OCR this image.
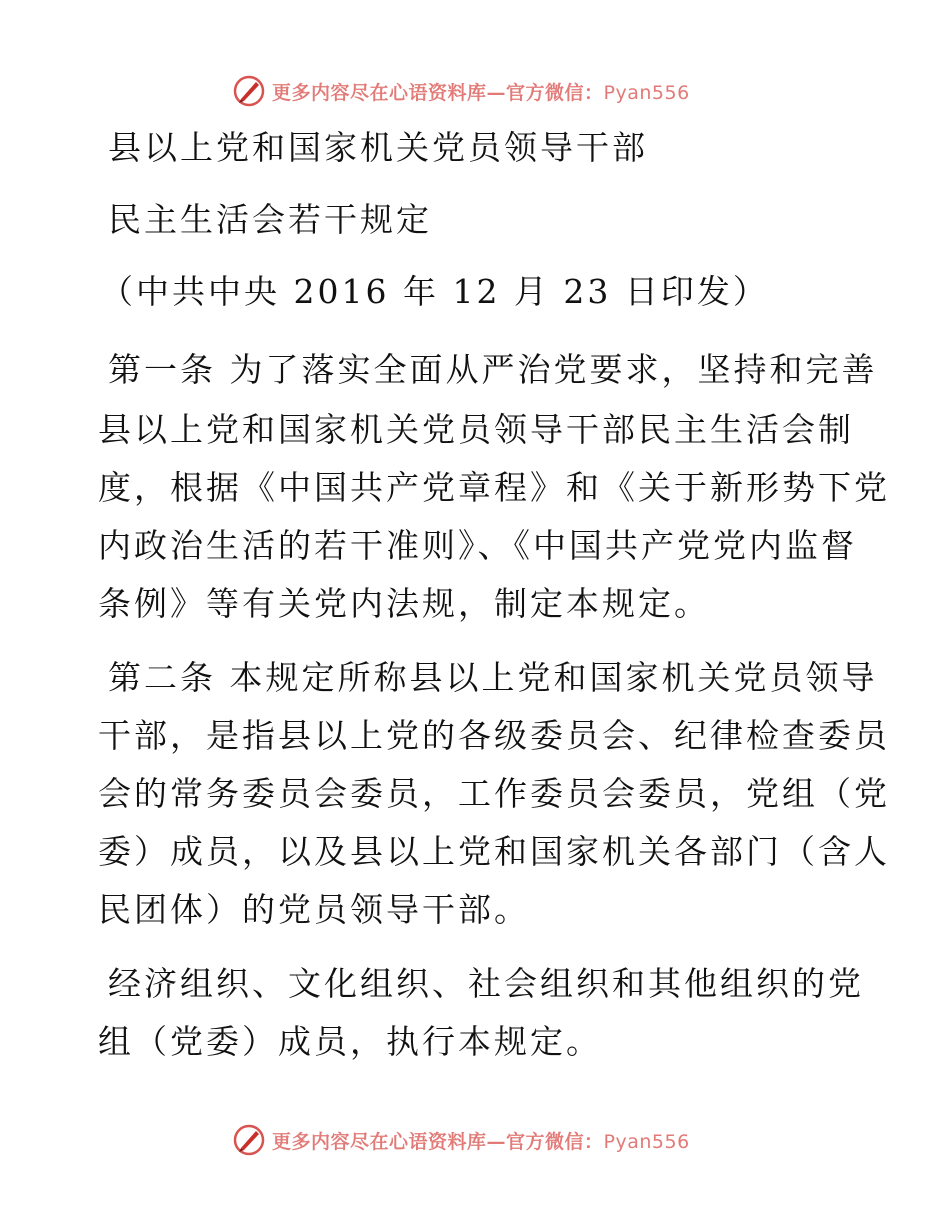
更多内容尽在心语资料库—官方微信：Pyan556
县以上党和国家机关党员领导干部
民主生活会若干规定
（中共中央 2016 年 12 月 23 日印发）
第一条 为了落实全面从严治党要求，坚持和完善
县以上党和国家机关党员领导干部民主生活会制
度，根据《中国共产党章程》和《关于新形势下党
内政治生活的若干准则》、《中国共产党党内监督
条例》等有关党内法规，制定本规定。
第二条 本规定所称县以上党和国家机关党员领导
干部，是指县以上党的各级委员会、纪律检查委员
会的常务委员会委员，工作委员会委员，党组（党
委）成员，以及县以上党和国家机关各部门（含人
民团体）的党员领导干部。
经济组织、文化组织、社会组织和其他组织的党
组（党委）成员，执行本规定。
更多内容尽在心语资料库—官方微信：Pyan556
